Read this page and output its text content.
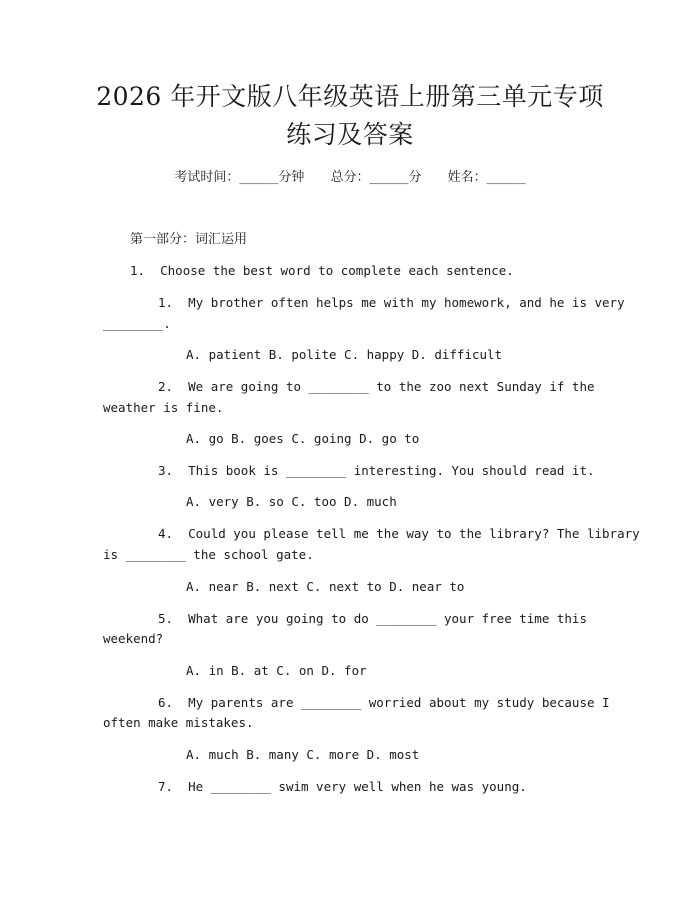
2026 年开文版八年级英语上册第三单元专项
练习及答案
考试时间：______分钟 总分：______分 姓名：______
第一部分：词汇运用
1. Choose the best word to complete each sentence.
1. My brother often helps me with my homework, and he is very
________.
A. patient B. polite C. happy D. difficult
2. We are going to ________ to the zoo next Sunday if the
weather is fine.
A. go B. goes C. going D. go to
3. This book is ________ interesting. You should read it.
A. very B. so C. too D. much
4. Could you please tell me the way to the library? The library
is ________ the school gate.
A. near B. next C. next to D. near to
5. What are you going to do ________ your free time this
weekend?
A. in B. at C. on D. for
6. My parents are ________ worried about my study because I
often make mistakes.
A. much B. many C. more D. most
7. He ________ swim very well when he was young.
